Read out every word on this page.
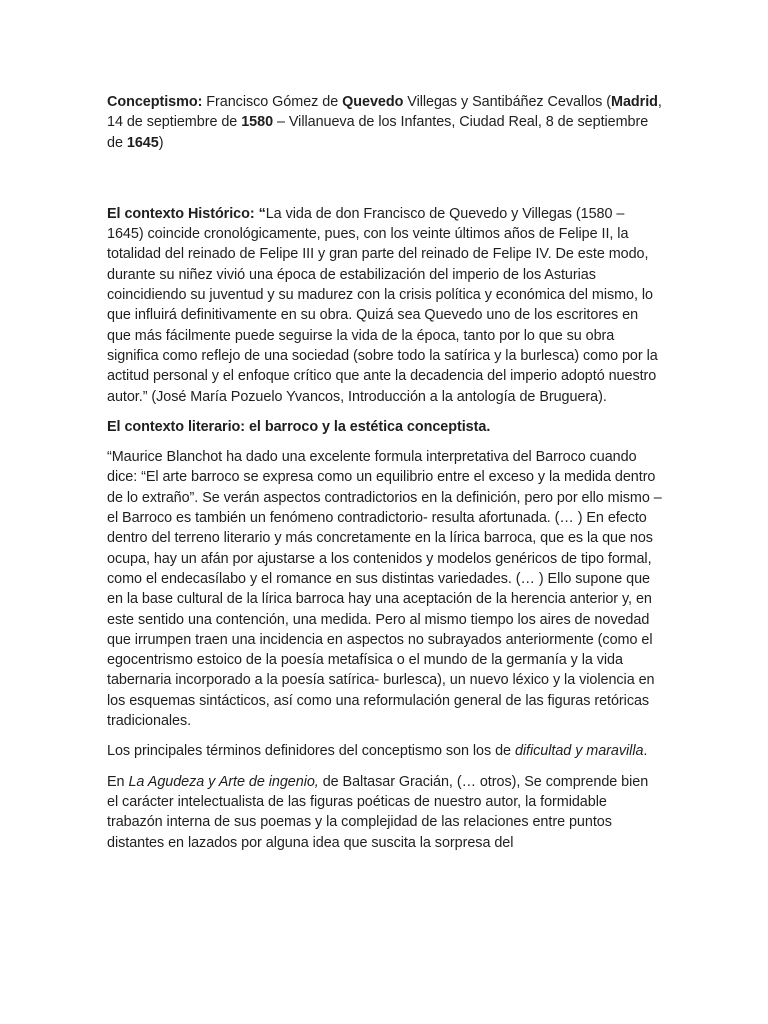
Conceptismo: Francisco Gómez de Quevedo Villegas y Santibáñez Cevallos (Madrid, 14 de septiembre de 1580 – Villanueva de los Infantes, Ciudad Real, 8 de septiembre de 1645)

El contexto Histórico: “La vida de don Francisco de Quevedo y Villegas (1580 – 1645) coincide cronológicamente, pues, con los veinte últimos años de Felipe II, la totalidad del reinado de Felipe III y gran parte del reinado de Felipe IV. De este modo, durante su niñez vivió una época de estabilización del imperio de los Asturias coincidiendo su juventud y su madurez con la crisis política y económica del mismo, lo que influirá definitivamente en su obra. Quizá sea Quevedo uno de los escritores en que más fácilmente puede seguirse la vida de la época, tanto por lo que su obra significa como reflejo de una sociedad (sobre todo la satírica y la burlesca) como por la actitud personal y el enfoque crítico que ante la decadencia del imperio adoptó nuestro autor.” (José María Pozuelo Yvancos, Introducción a la antología de Bruguera).

El contexto literario: el barroco y la estética conceptista.

“Maurice Blanchot ha dado una excelente formula interpretativa del Barroco cuando dice: “El arte barroco se expresa como un equilibrio entre el exceso y la medida dentro de lo extraño”. Se verán aspectos contradictorios en la definición, pero por ello mismo – el Barroco es también un fenómeno contradictorio- resulta afortunada. (… ) En efecto dentro del terreno literario y más concretamente en la lírica barroca, que es la que nos ocupa, hay un afán por ajustarse a los contenidos y modelos genéricos de tipo formal, como el endecasílabo y el romance en sus distintas variedades. (… ) Ello supone que en la base cultural de la lírica barroca hay una aceptación de la herencia anterior y, en este sentido una contención, una medida. Pero al mismo tiempo los aires de novedad que irrumpen traen una incidencia en aspectos no subrayados anteriormente (como el egocentrismo estoico de la poesía metafísica o el mundo de la germanía y la vida tabernaria incorporado a la poesía satírica- burlesca), un nuevo léxico y la violencia en los esquemas sintácticos, así como una reformulación general de las figuras retóricas tradicionales.

Los principales términos definidores del conceptismo son los de dificultad y maravilla.

En La Agudeza y Arte de ingenio, de Baltasar Gracián, (… otros), Se comprende bien el carácter intelectualista de las figuras poéticas de nuestro autor, la formidable trabazón interna de sus poemas y la complejidad de las relaciones entre puntos distantes en lazados por alguna idea que suscita la sorpresa del
